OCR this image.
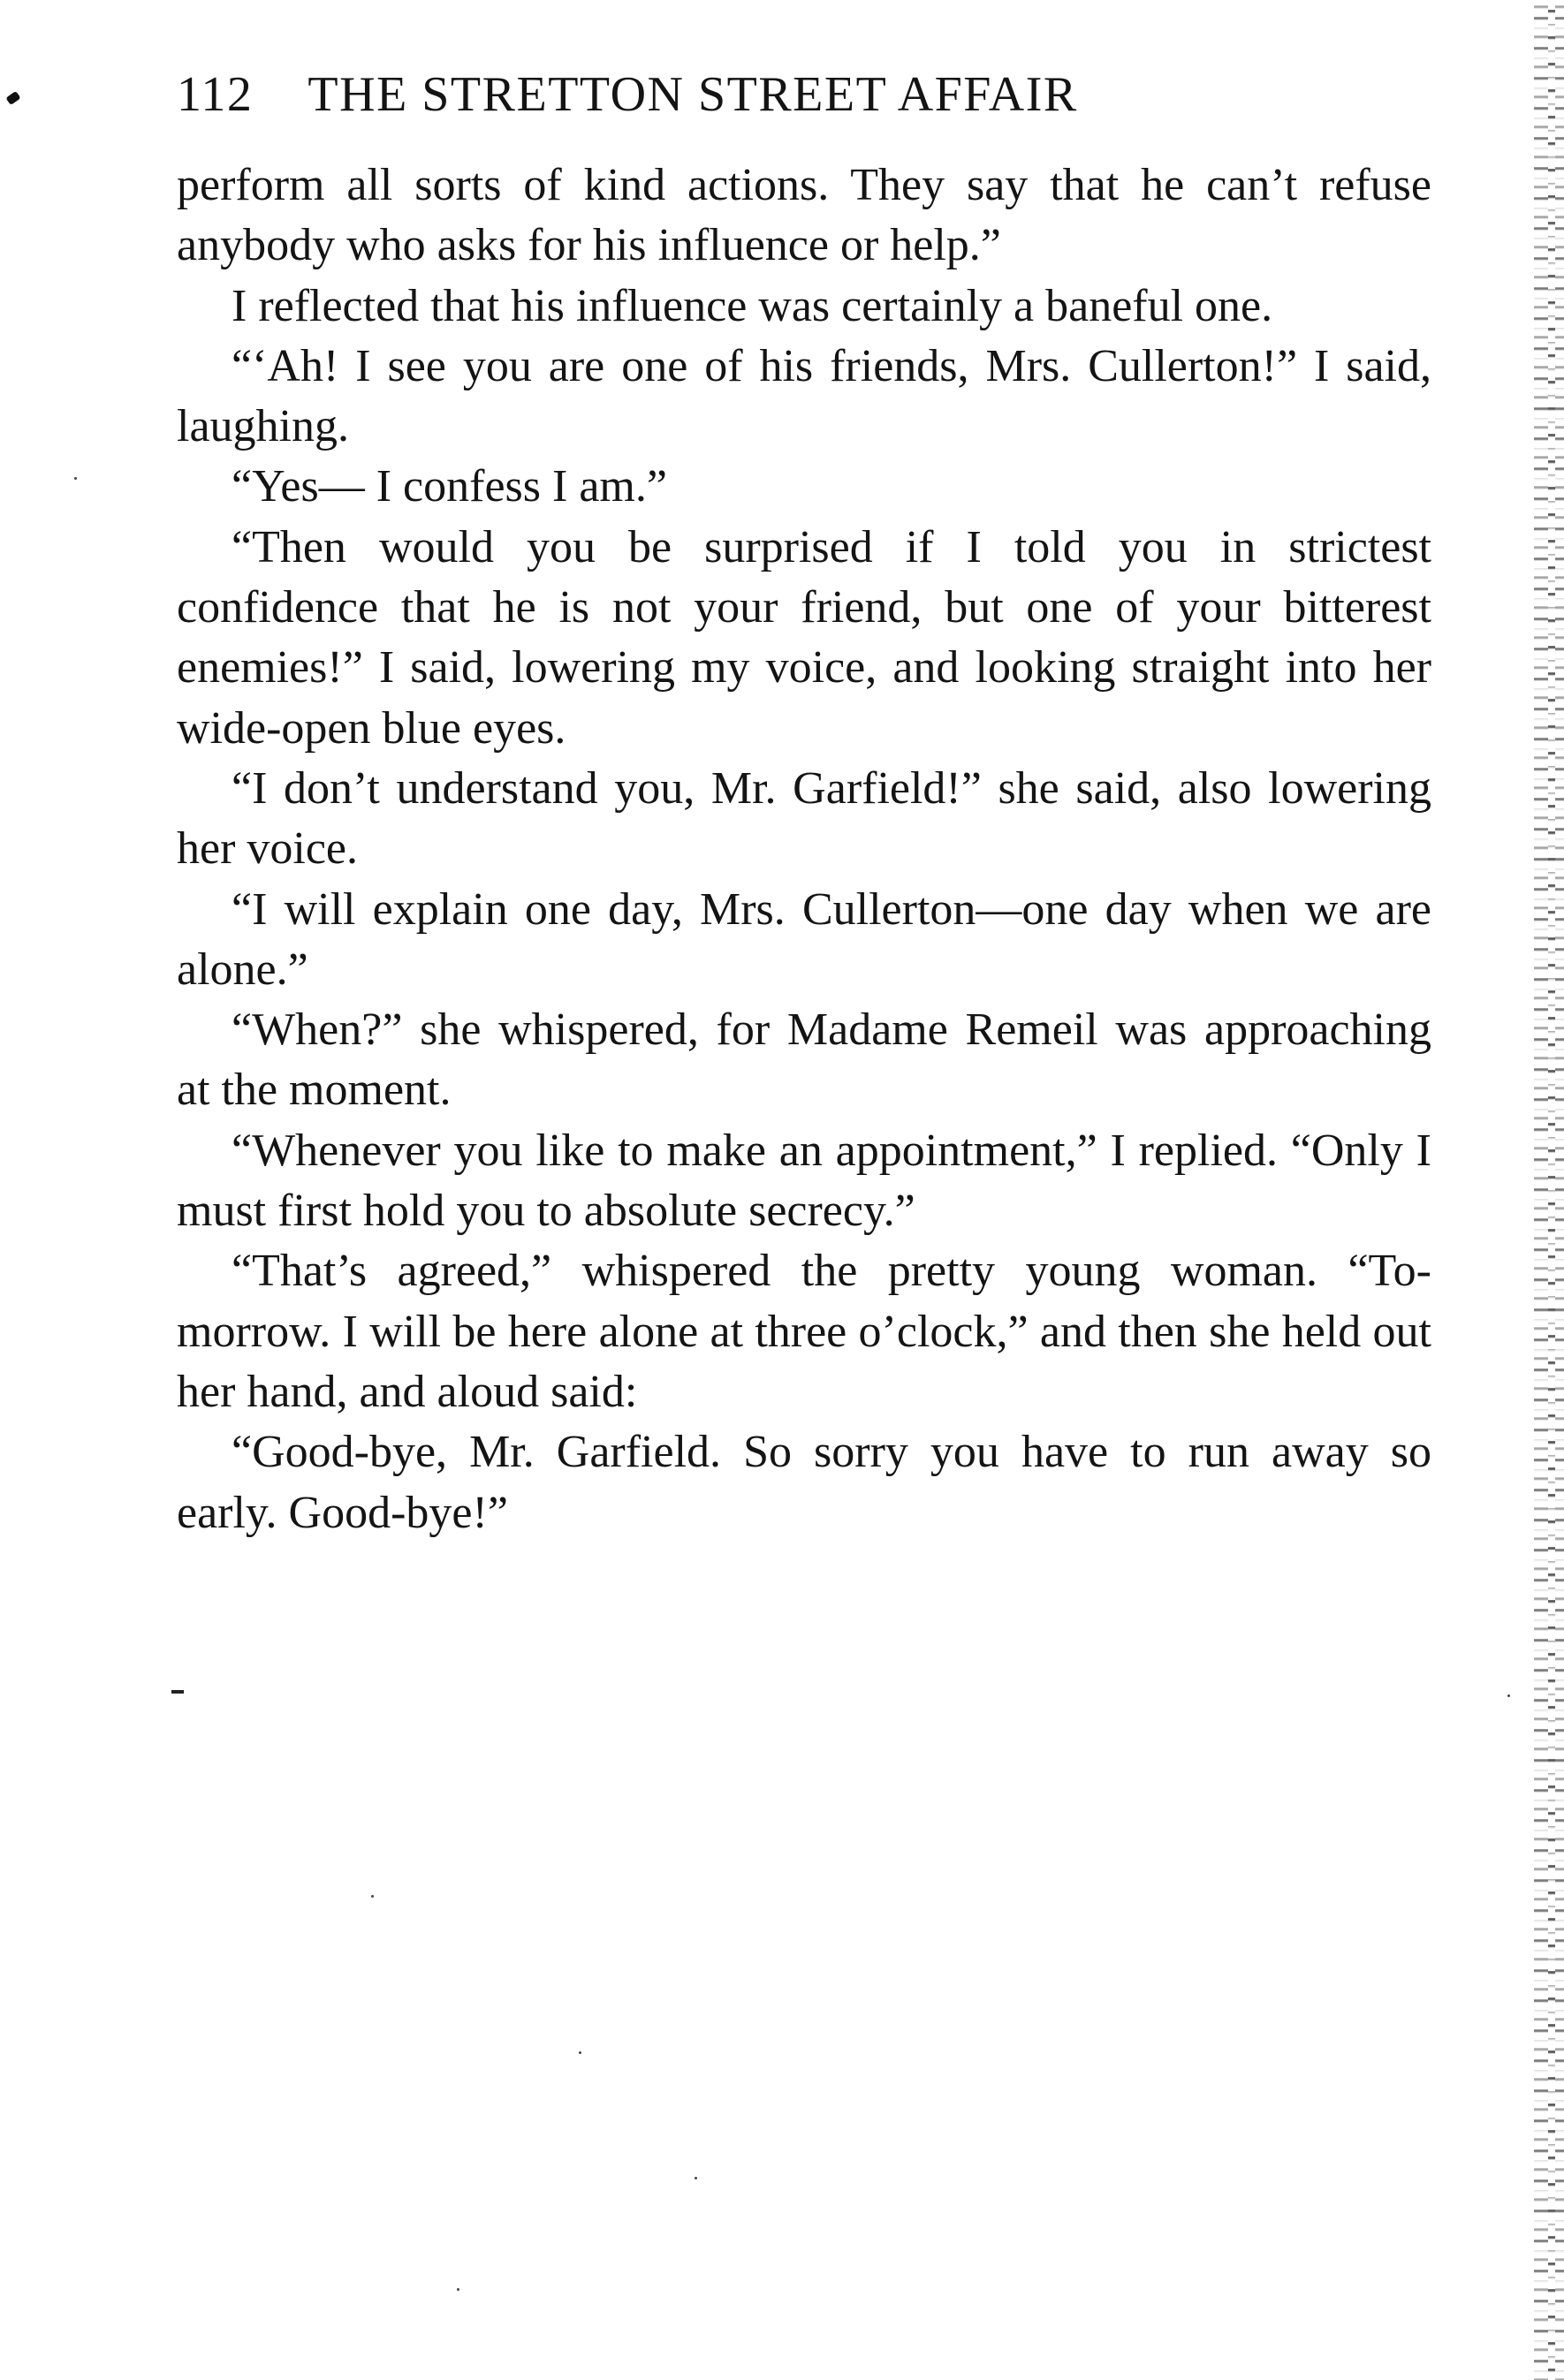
112 THE STRETTON STREET AFFAIR

perform all sorts of kind actions. They say that he can’t refuse anybody who asks for his influence or help.”

I reflected that his influence was certainly a baneful one.

“‘Ah! I see you are one of his friends, Mrs. Cullerton!” I said, laughing.

“Yes— I confess I am.”

“Then would you be surprised if I told you in strictest confidence that he is not your friend, but one of your bitterest enemies!” I said, lowering my voice, and looking straight into her wide-open blue eyes.

“I don’t understand you, Mr. Garfield!” she said, also lowering her voice.

“I will explain one day, Mrs. Cullerton—one day when we are alone.”

“When?” she whispered, for Madame Remeil was approaching at the moment.

“Whenever you like to make an appointment,” I replied. “Only I must first hold you to absolute secrecy.”

“That’s agreed,” whispered the pretty young woman. “To-morrow. I will be here alone at three o’clock,” and then she held out her hand, and aloud said:

“Good-bye, Mr. Garfield. So sorry you have to run away so early. Good-bye!”
